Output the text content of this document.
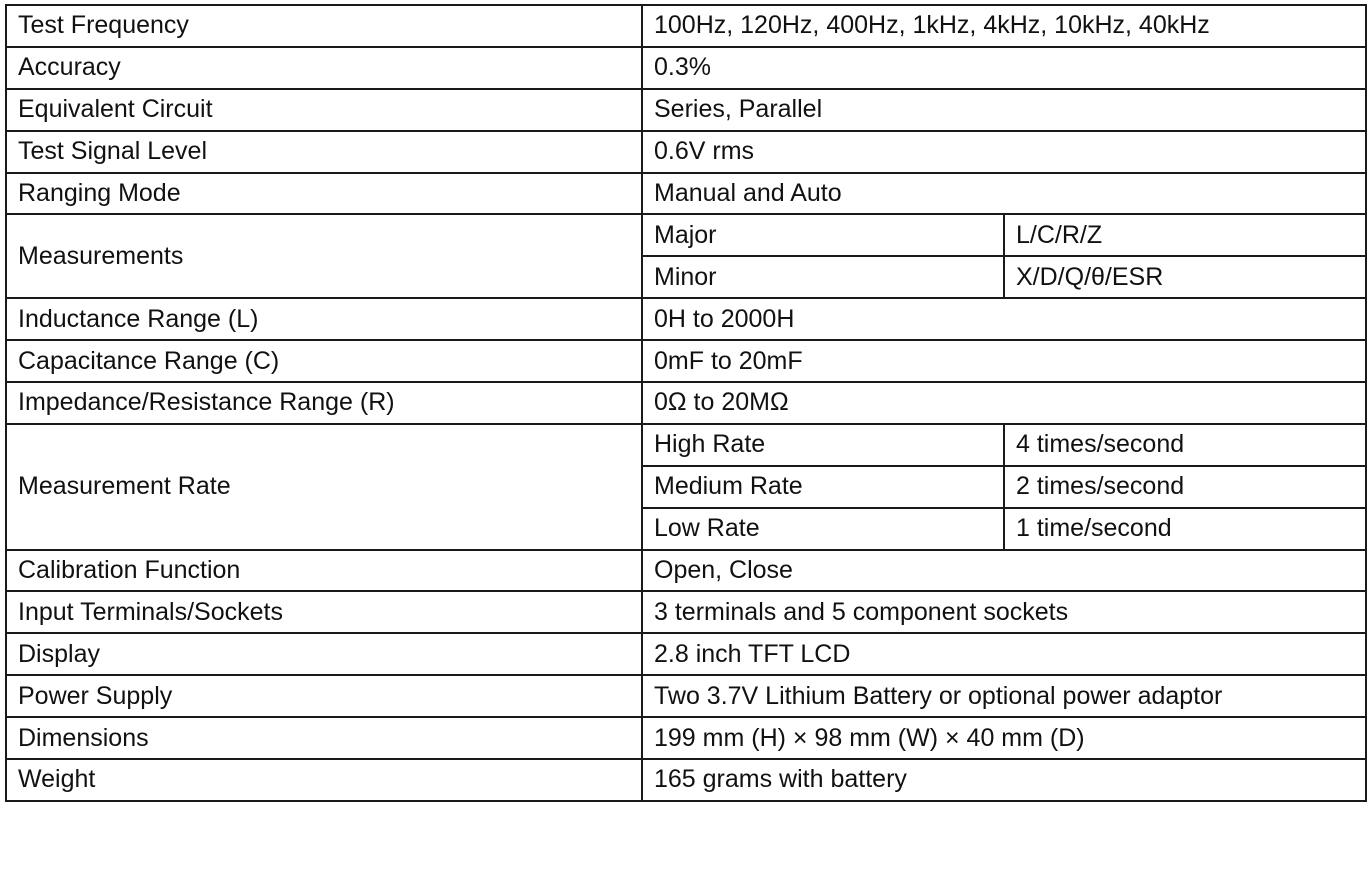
Test Frequency	100Hz, 120Hz, 400Hz, 1kHz, 4kHz, 10kHz, 40kHz	
Accuracy	0.3%	
Equivalent Circuit	Series, Parallel	
Test Signal Level	0.6V rms	
Ranging Mode	Manual and Auto	
Measurements	Major	L/C/R/Z
	Minor	X/D/Q/θ/ESR
Inductance Range (L)	0H to 2000H	
Capacitance Range (C)	0mF to 20mF	
Impedance/Resistance Range (R)	0Ω to 20MΩ	
Measurement Rate	High Rate	4 times/second
	Medium Rate	2 times/second
	Low Rate	1 time/second
Calibration Function	Open, Close	
Input Terminals/Sockets	3 terminals and 5 component sockets	
Display	2.8 inch TFT LCD	
Power Supply	Two 3.7V Lithium Battery or optional power adaptor	
Dimensions	199 mm (H) × 98 mm (W) × 40 mm (D)	
Weight	165 grams with battery	
